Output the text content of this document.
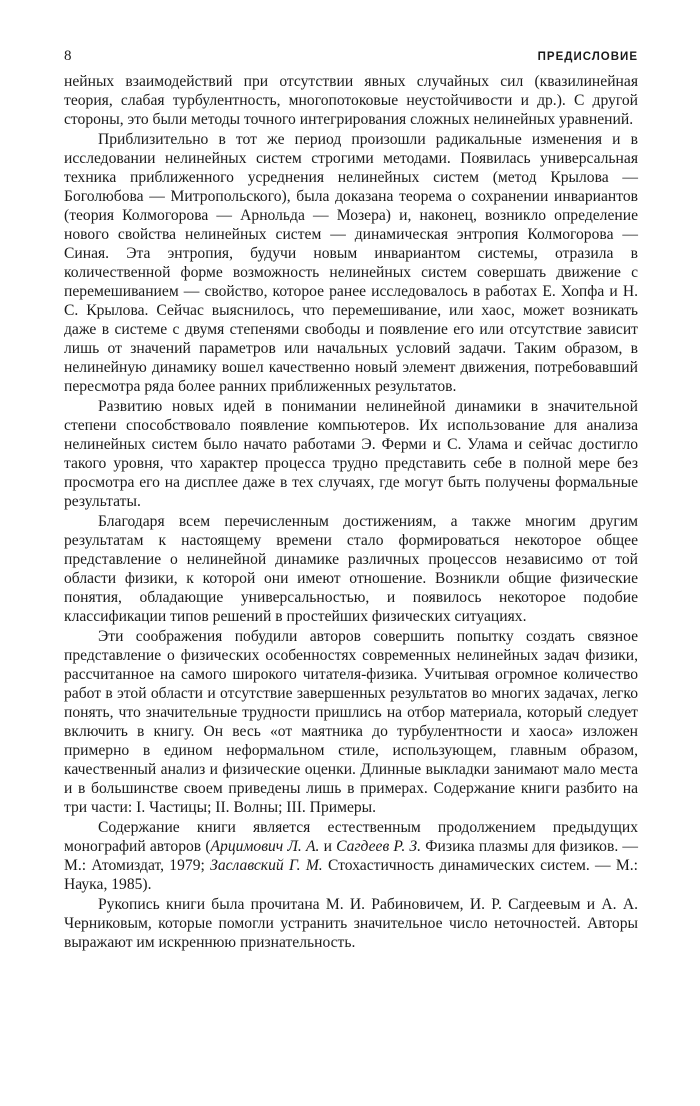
8	ПРЕДИСЛОВИЕ

нейных взаимодействий при отсутствии явных случайных сил (квазилинейная теория, слабая турбулентность, многопотоковые неустойчивости и др.). С другой стороны, это были методы точного интегрирования сложных нелинейных уравнений.

Приблизительно в тот же период произошли радикальные изменения и в исследовании нелинейных систем строгими методами. Появилась универсальная техника приближенного усреднения нелинейных систем (метод Крылова — Боголюбова — Митропольского), была доказана теорема о сохранении инвариантов (теория Колмогорова — Арнольда — Мозера) и, наконец, возникло определение нового свойства нелинейных систем — динамическая энтропия Колмогорова — Синая. Эта энтропия, будучи новым инвариантом системы, отразила в количественной форме возможность нелинейных систем совершать движение с перемешиванием — свойство, которое ранее исследовалось в работах Е. Хопфа и Н. С. Крылова. Сейчас выяснилось, что перемешивание, или хаос, может возникать даже в системе с двумя степенями свободы и появление его или отсутствие зависит лишь от значений параметров или начальных условий задачи. Таким образом, в нелинейную динамику вошел качественно новый элемент движения, потребовавший пересмотра ряда более ранних приближенных результатов.

Развитию новых идей в понимании нелинейной динамики в значительной степени способствовало появление компьютеров. Их использование для анализа нелинейных систем было начато работами Э. Ферми и С. Улама и сейчас достигло такого уровня, что характер процесса трудно представить себе в полной мере без просмотра его на дисплее даже в тех случаях, где могут быть получены формальные результаты.

Благодаря всем перечисленным достижениям, а также многим другим результатам к настоящему времени стало формироваться некоторое общее представление о нелинейной динамике различных процессов независимо от той области физики, к которой они имеют отношение. Возникли общие физические понятия, обладающие универсальностью, и появилось некоторое подобие классификации типов решений в простейших физических ситуациях.

Эти соображения побудили авторов совершить попытку создать связное представление о физических особенностях современных нелинейных задач физики, рассчитанное на самого широкого читателя-физика. Учитывая огромное количество работ в этой области и отсутствие завершенных результатов во многих задачах, легко понять, что значительные трудности пришлись на отбор материала, который следует включить в книгу. Он весь «от маятника до турбулентности и хаоса» изложен примерно в едином неформальном стиле, использующем, главным образом, качественный анализ и физические оценки. Длинные выкладки занимают мало места и в большинстве своем приведены лишь в примерах. Содержание книги разбито на три части: I. Частицы; II. Волны; III. Примеры.

Содержание книги является естественным продолжением предыдущих монографий авторов (Арцимович Л. А. и Сагдеев Р. З. Физика плазмы для физиков. — М.: Атомиздат, 1979; Заславский Г. М. Стохастичность динамических систем. — М.: Наука, 1985).

Рукопись книги была прочитана М. И. Рабиновичем, И. Р. Сагдеевым и А. А. Черниковым, которые помогли устранить значительное число неточностей. Авторы выражают им искреннюю признательность.
